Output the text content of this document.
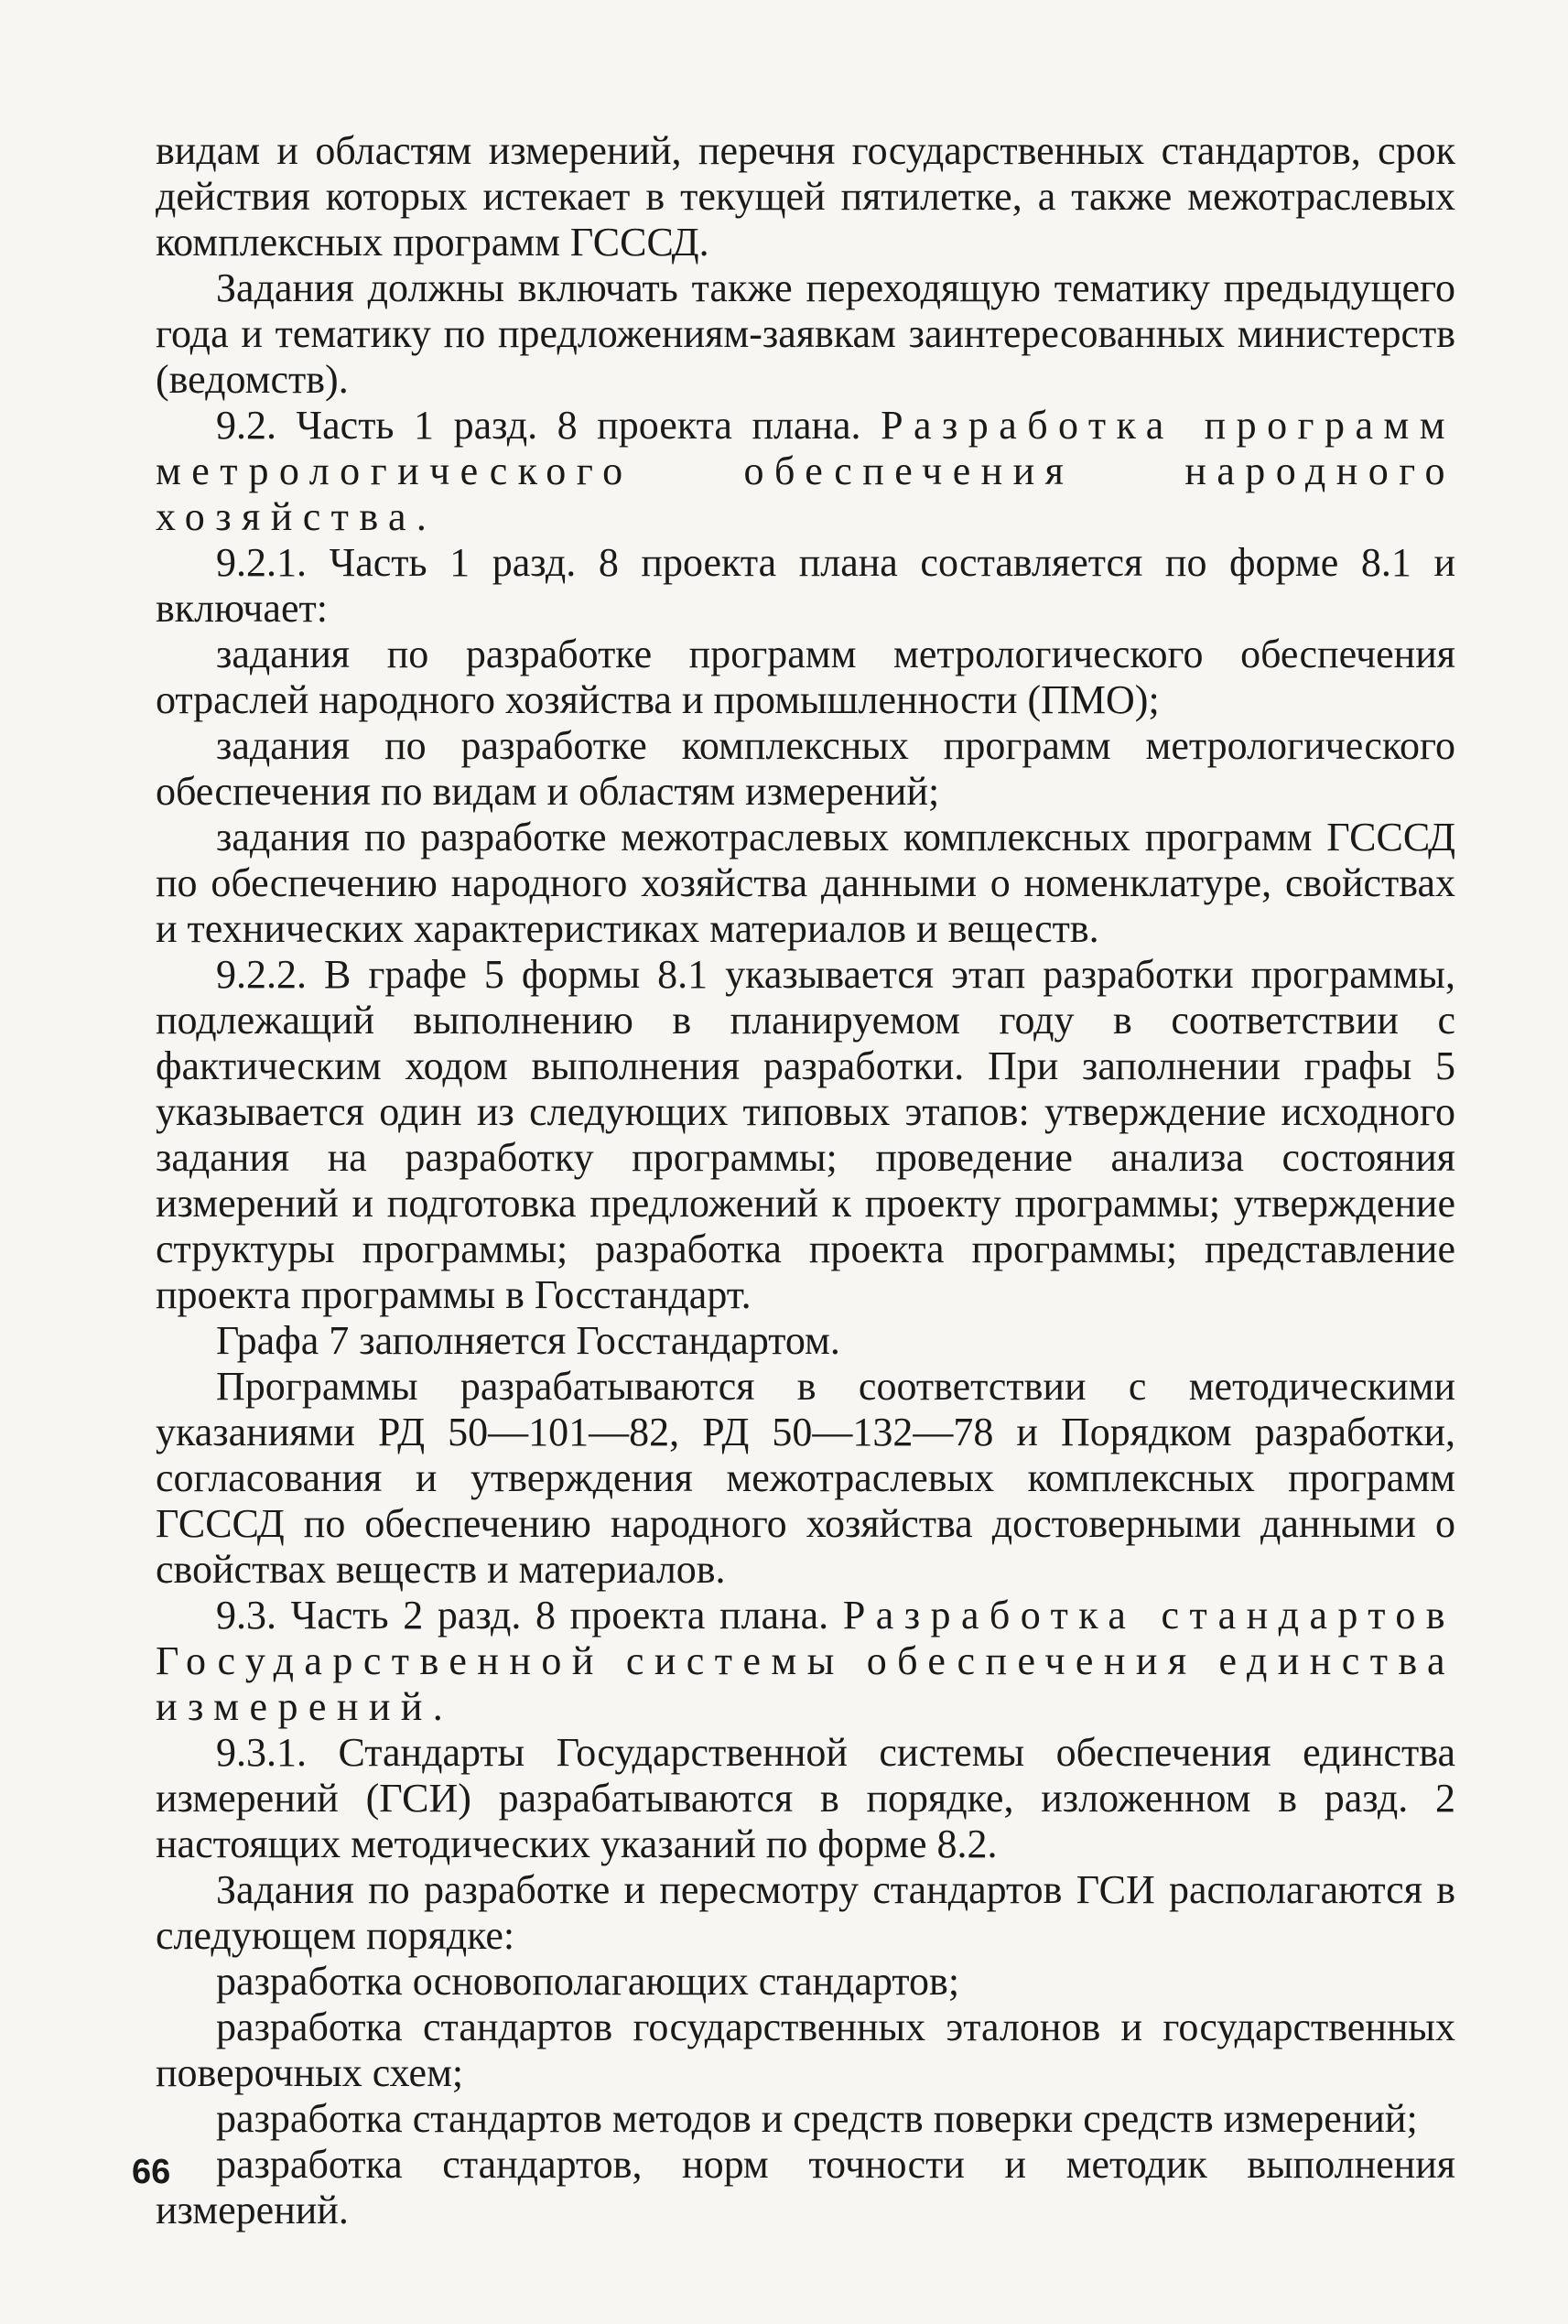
видам и областям измерений, перечня государственных стандартов, срок действия которых истекает в текущей пятилетке, а также межотраслевых комплексных программ ГСССД.

Задания должны включать также переходящую тематику предыдущего года и тематику по предложениям-заявкам заинтересованных министерств (ведомств).

9.2. Часть 1 разд. 8 проекта плана. Разработка программ метрологического обеспечения народного хозяйства.

9.2.1. Часть 1 разд. 8 проекта плана составляется по форме 8.1 и включает:

задания по разработке программ метрологического обеспечения отраслей народного хозяйства и промышленности (ПМО);

задания по разработке комплексных программ метрологического обеспечения по видам и областям измерений;

задания по разработке межотраслевых комплексных программ ГСССД по обеспечению народного хозяйства данными о номенклатуре, свойствах и технических характеристиках материалов и веществ.

9.2.2. В графе 5 формы 8.1 указывается этап разработки программы, подлежащий выполнению в планируемом году в соответствии с фактическим ходом выполнения разработки. При заполнении графы 5 указывается один из следующих типовых этапов: утверждение исходного задания на разработку программы; проведение анализа состояния измерений и подготовка предложений к проекту программы; утверждение структуры программы; разработка проекта программы; представление проекта программы в Госстандарт.

Графа 7 заполняется Госстандартом.

Программы разрабатываются в соответствии с методическими указаниями РД 50—101—82, РД 50—132—78 и Порядком разработки, согласования и утверждения межотраслевых комплексных программ ГСССД по обеспечению народного хозяйства достоверными данными о свойствах веществ и материалов.

9.3. Часть 2 разд. 8 проекта плана. Разработка стандартов Государственной системы обеспечения единства измерений.

9.3.1. Стандарты Государственной системы обеспечения единства измерений (ГСИ) разрабатываются в порядке, изложенном в разд. 2 настоящих методических указаний по форме 8.2.

Задания по разработке и пересмотру стандартов ГСИ располагаются в следующем порядке:

разработка основополагающих стандартов;

разработка стандартов государственных эталонов и государственных поверочных схем;

разработка стандартов методов и средств поверки средств измерений;

разработка стандартов, норм точности и методик выполнения измерений.

66
